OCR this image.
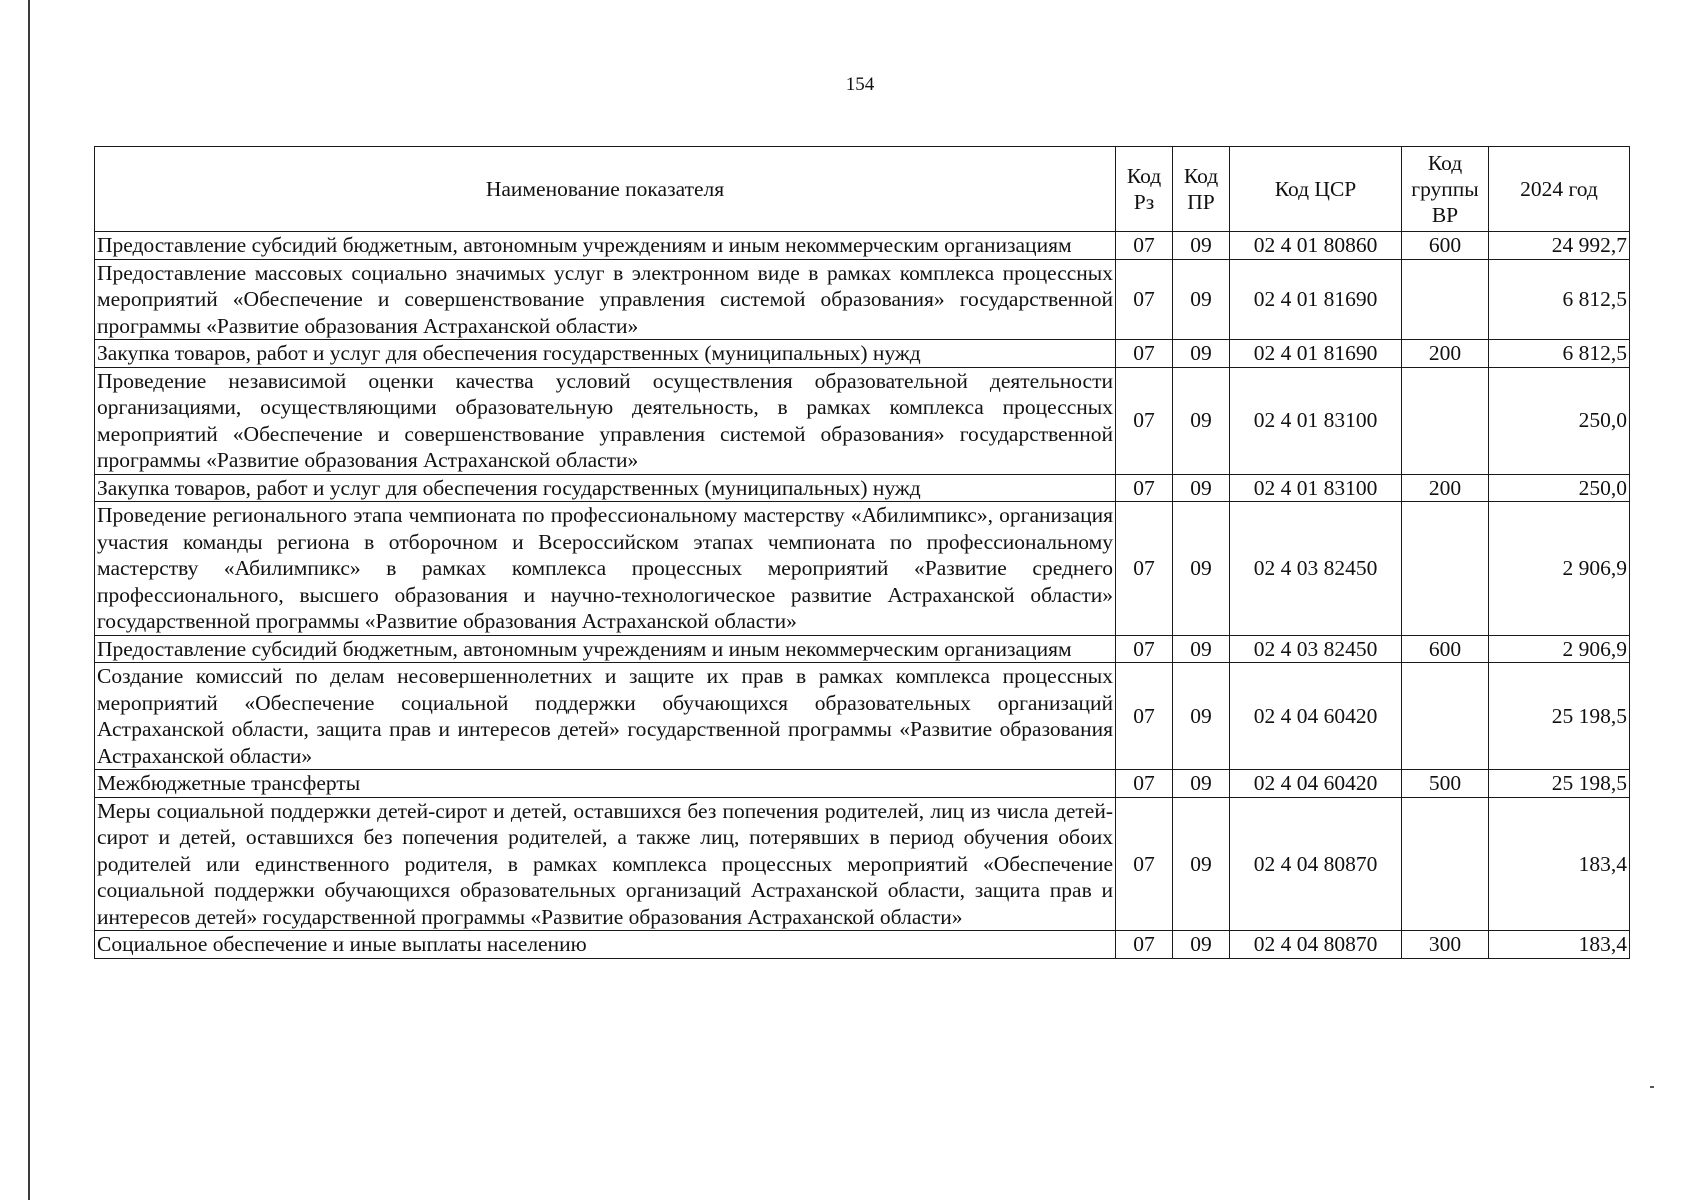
154
Наименование показателя	Код Рз	Код ПР	Код ЦСР	Код группы ВР	2024 год
Предоставление субсидий бюджетным, автономным учреждениям и иным некоммерческим организациям	07	09	02 4 01 80860	600	24 992,7
Предоставление массовых социально значимых услуг в электронном виде в рамках комплекса процессных мероприятий «Обеспечение и совершенствование управления системой образования» государственной программы «Развитие образования Астраханской области»	07	09	02 4 01 81690		6 812,5
Закупка товаров, работ и услуг для обеспечения государственных (муниципальных) нужд	07	09	02 4 01 81690	200	6 812,5
Проведение независимой оценки качества условий осуществления образовательной деятельности организациями, осуществляющими образовательную деятельность, в рамках комплекса процессных мероприятий «Обеспечение и совершенствование управления системой образования» государственной программы «Развитие образования Астраханской области»	07	09	02 4 01 83100		250,0
Закупка товаров, работ и услуг для обеспечения государственных (муниципальных) нужд	07	09	02 4 01 83100	200	250,0
Проведение регионального этапа чемпионата по профессиональному мастерству «Абилимпикс», организация участия команды региона в отборочном и Всероссийском этапах чемпионата по профессиональному мастерству «Абилимпикс» в рамках комплекса процессных мероприятий «Развитие среднего профессионального, высшего образования и научно-технологическое развитие Астраханской области» государственной программы «Развитие образования Астраханской области»	07	09	02 4 03 82450		2 906,9
Предоставление субсидий бюджетным, автономным учреждениям и иным некоммерческим организациям	07	09	02 4 03 82450	600	2 906,9
Создание комиссий по делам несовершеннолетних и защите их прав в рамках комплекса процессных мероприятий «Обеспечение социальной поддержки обучающихся образовательных организаций Астраханской области, защита прав и интересов детей» государственной программы «Развитие образования Астраханской области»	07	09	02 4 04 60420		25 198,5
Межбюджетные трансферты	07	09	02 4 04 60420	500	25 198,5
Меры социальной поддержки детей-сирот и детей, оставшихся без попечения родителей, лиц из числа детей-сирот и детей, оставшихся без попечения родителей, а также лиц, потерявших в период обучения обоих родителей или единственного родителя, в рамках комплекса процессных мероприятий «Обеспечение социальной поддержки обучающихся образовательных организаций Астраханской области, защита прав и интересов детей» государственной программы «Развитие образования Астраханской области»	07	09	02 4 04 80870		183,4
Социальное обеспечение и иные выплаты населению	07	09	02 4 04 80870	300	183,4
